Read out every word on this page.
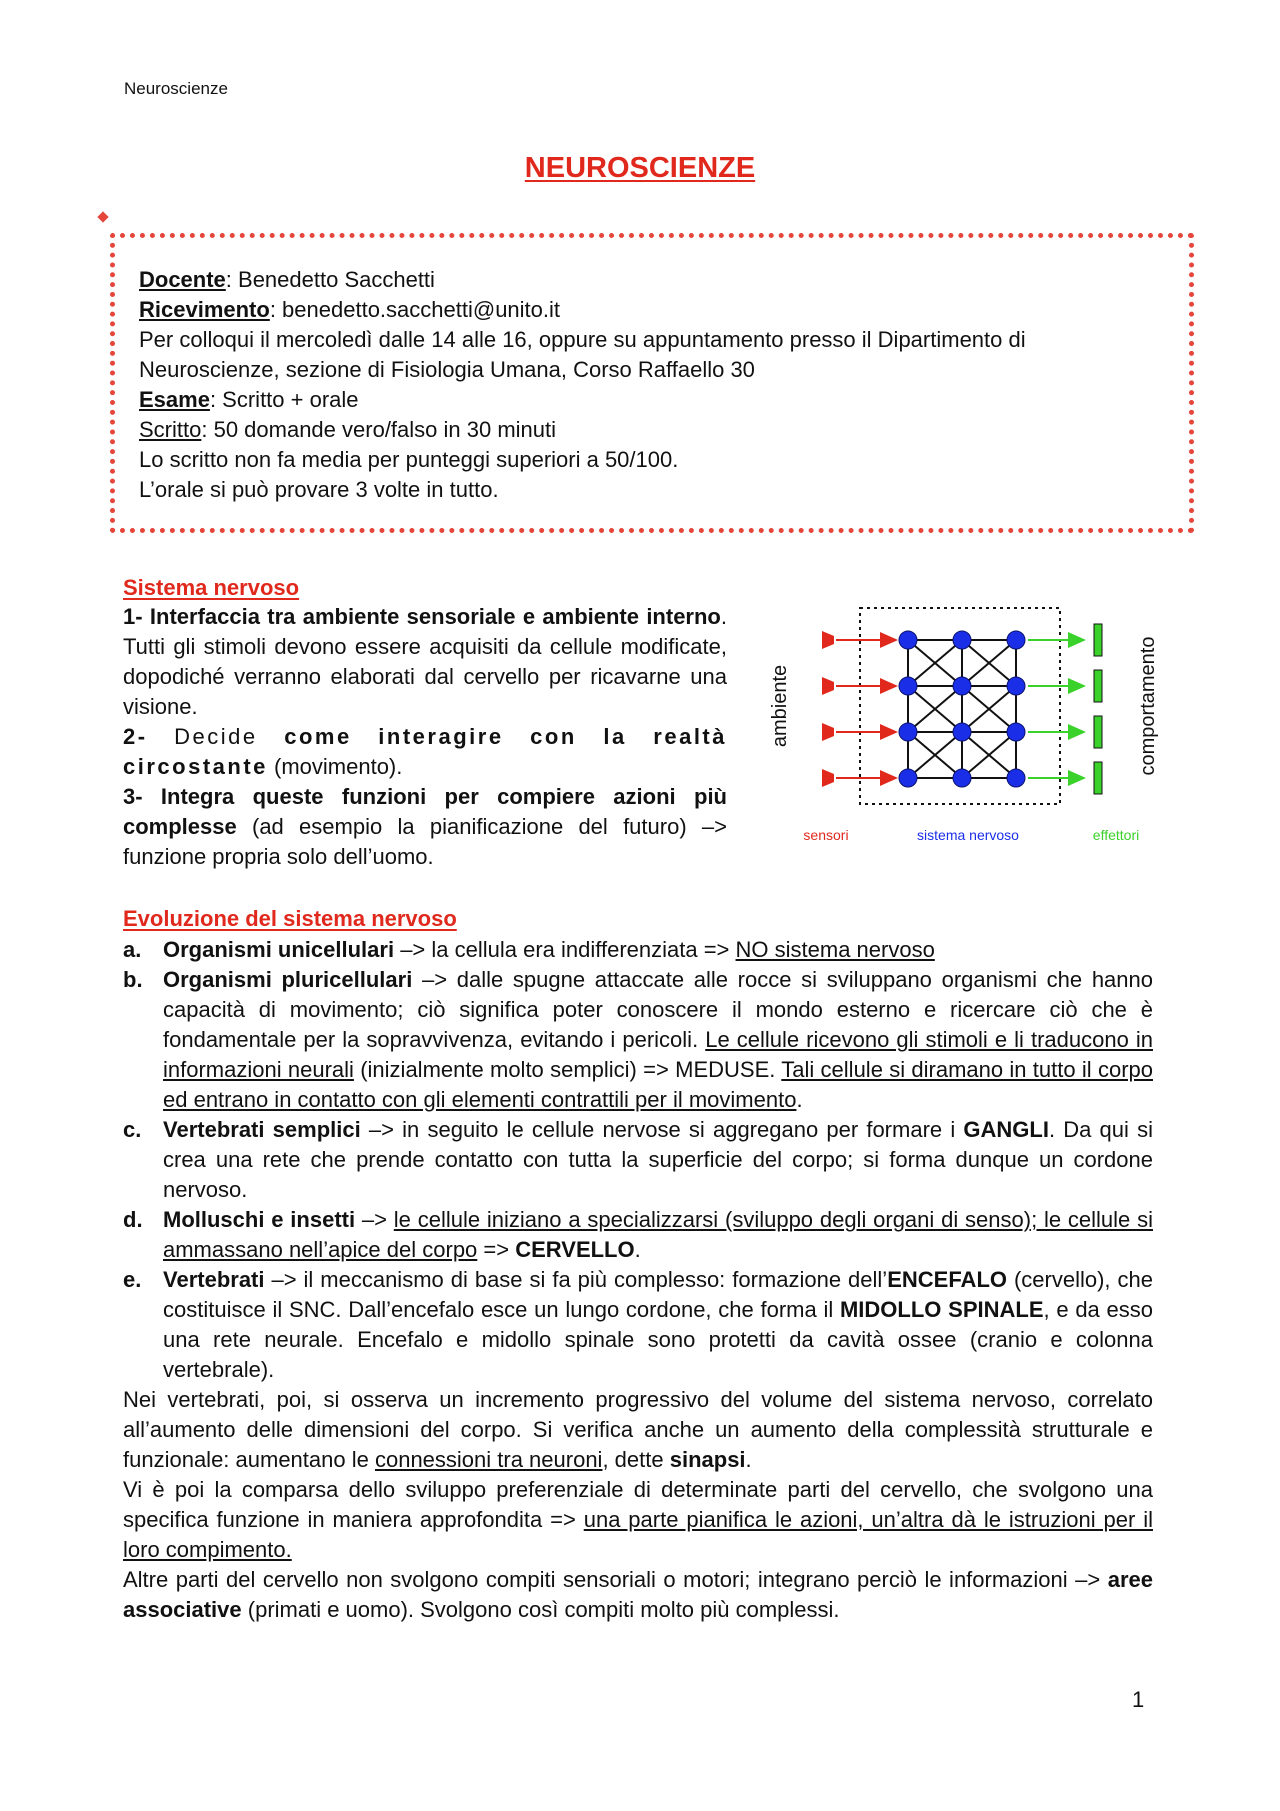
Neuroscienze
NEUROSCIENZE

Docente: Benedetto Sacchetti

Ricevimento: benedetto.sacchetti@unito.it

Per colloqui il mercoledì dalle 14 alle 16, oppure su appuntamento presso il Dipartimento di Neuroscienze, sezione di Fisiologia Umana, Corso Raffaello 30

Esame: Scritto + orale

Scritto: 50 domande vero/falso in 30 minuti

Lo scritto non fa media per punteggi superiori a 50/100.

L’orale si può provare 3 volte in tutto.

Sistema nervoso

1- Interfaccia tra ambiente sensoriale e ambiente interno. Tutti gli stimoli devono essere acquisiti da cellule modificate, dopodiché verranno elaborati dal cervello per ricavarne una visione.

2- Decide come interagire con la realtà circostante (movimento).

3- Integra queste funzioni per compiere azioni più complesse (ad esempio la pianificazione del futuro) –> funzione propria solo dell’uomo.

ambiente	comportamento
sensori	sistema nervoso	effettori
Evoluzione del sistema nervoso
a. Organismi unicellulari –> la cellula era indifferenziata => NO sistema nervoso
b. Organismi pluricellulari –> dalle spugne attaccate alle rocce si sviluppano organismi che hanno capacità di movimento; ciò significa poter conoscere il mondo esterno e ricercare ciò che è fondamentale per la sopravvivenza, evitando i pericoli. Le cellule ricevono gli stimoli e li traducono in informazioni neurali (inizialmente molto semplici) => MEDUSE. Tali cellule si diramano in tutto il corpo ed entrano in contatto con gli elementi contrattili per il movimento.
c. Vertebrati semplici –> in seguito le cellule nervose si aggregano per formare i GANGLI. Da qui si crea una rete che prende contatto con tutta la superficie del corpo; si forma dunque un cordone nervoso.
d. Molluschi e insetti –> le cellule iniziano a specializzarsi (sviluppo degli organi di senso); le cellule si ammassano nell’apice del corpo => CERVELLO.
e. Vertebrati –> il meccanismo di base si fa più complesso: formazione dell’ENCEFALO (cervello), che costituisce il SNC. Dall’encefalo esce un lungo cordone, che forma il MIDOLLO SPINALE, e da esso una rete neurale. Encefalo e midollo spinale sono protetti da cavità ossee (cranio e colonna vertebrale).

Nei vertebrati, poi, si osserva un incremento progressivo del volume del sistema nervoso, correlato all’aumento delle dimensioni del corpo. Si verifica anche un aumento della complessità strutturale e funzionale: aumentano le connessioni tra neuroni, dette sinapsi.

Vi è poi la comparsa dello sviluppo preferenziale di determinate parti del cervello, che svolgono una specifica funzione in maniera approfondita => una parte pianifica le azioni, un’altra dà le istruzioni per il loro compimento.

Altre parti del cervello non svolgono compiti sensoriali o motori; integrano perciò le informazioni –> aree associative (primati e uomo). Svolgono così compiti molto più complessi.

1
